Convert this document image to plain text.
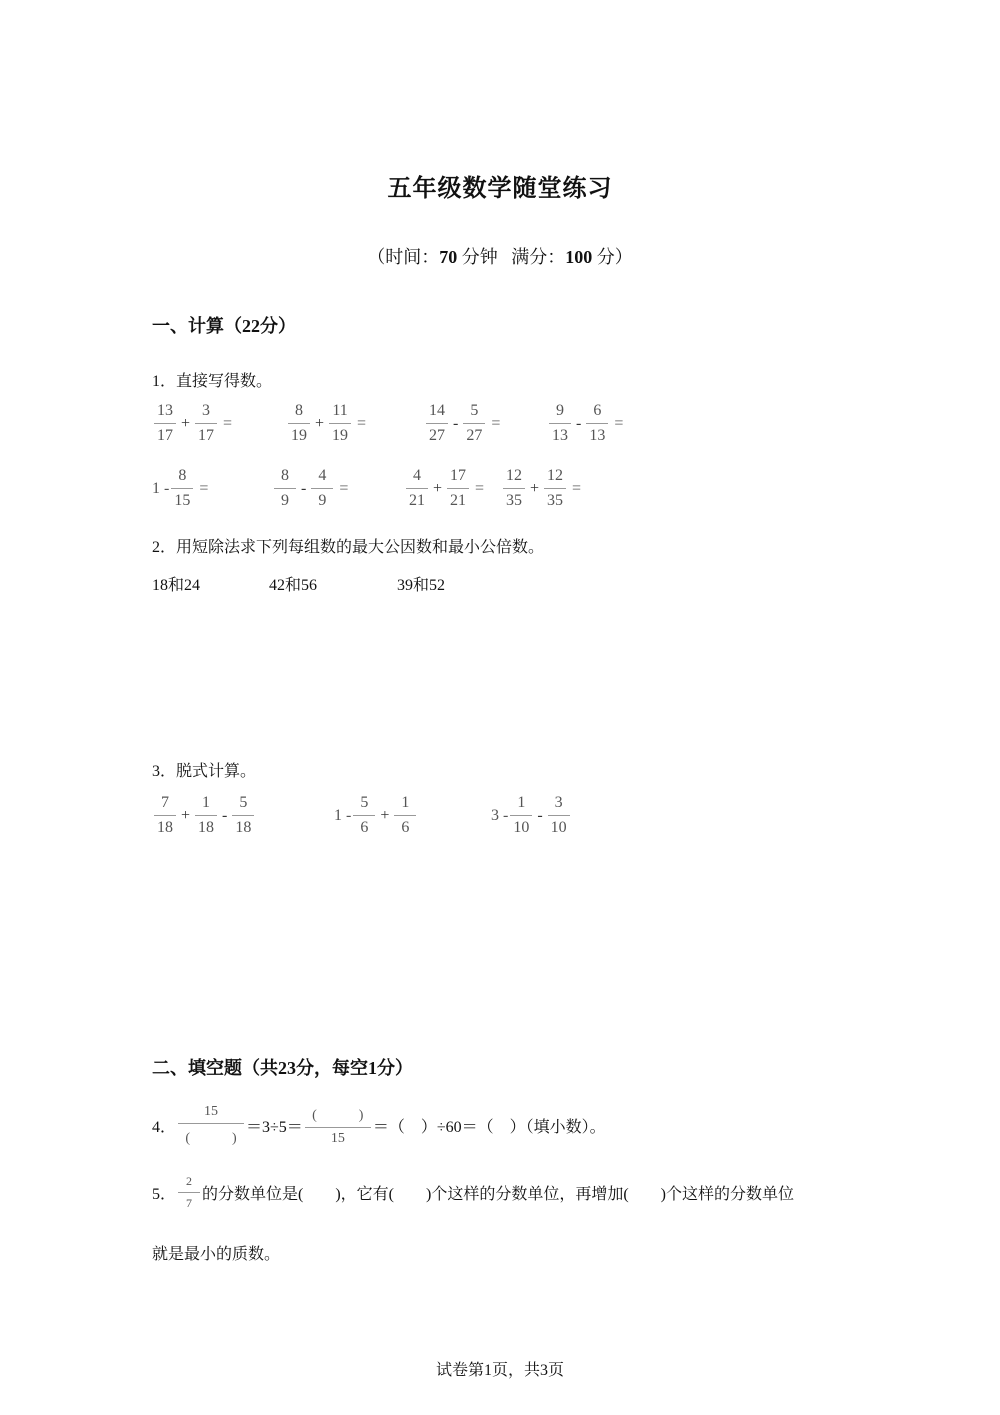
五年级数学随堂练习
（时间：70 分钟 满分：100 分）
一、计算（22分）
1．直接写得数。
$\frac{13}{17} + \frac{3}{17}$ =	$\frac{8}{19} + \frac{11}{19}$ =	$\frac{14}{27} - \frac{5}{27}$ =	$\frac{9}{13} - \frac{6}{13}$ =
$1 - \frac{8}{15}$ =	$\frac{8}{9} - \frac{4}{9}$ =	$\frac{4}{21} + \frac{17}{21} = \frac{12}{35} + \frac{12}{35}$ =
2．用短除法求下列每组数的最大公因数和最小公倍数。
18和24	42和56	39和52
3．脱式计算。
$\frac{7}{18} + \frac{1}{18} - \frac{5}{18}$	$1 - \frac{5}{6} + \frac{1}{6}$	$3 - \frac{1}{10} - \frac{3}{10}$
二、填空题（共23分，每空1分）
4． $\frac{15}{( )} =3\div 5= \frac{( )}{15}$ ＝（　）÷60＝（　）（填小数）。
5． $\frac{2}{7}$ 的分数单位是(　　)，它有(　　)个这样的分数单位，再增加(　　)个这样的分数单位
就是最小的质数。
试卷第1页，共3页
